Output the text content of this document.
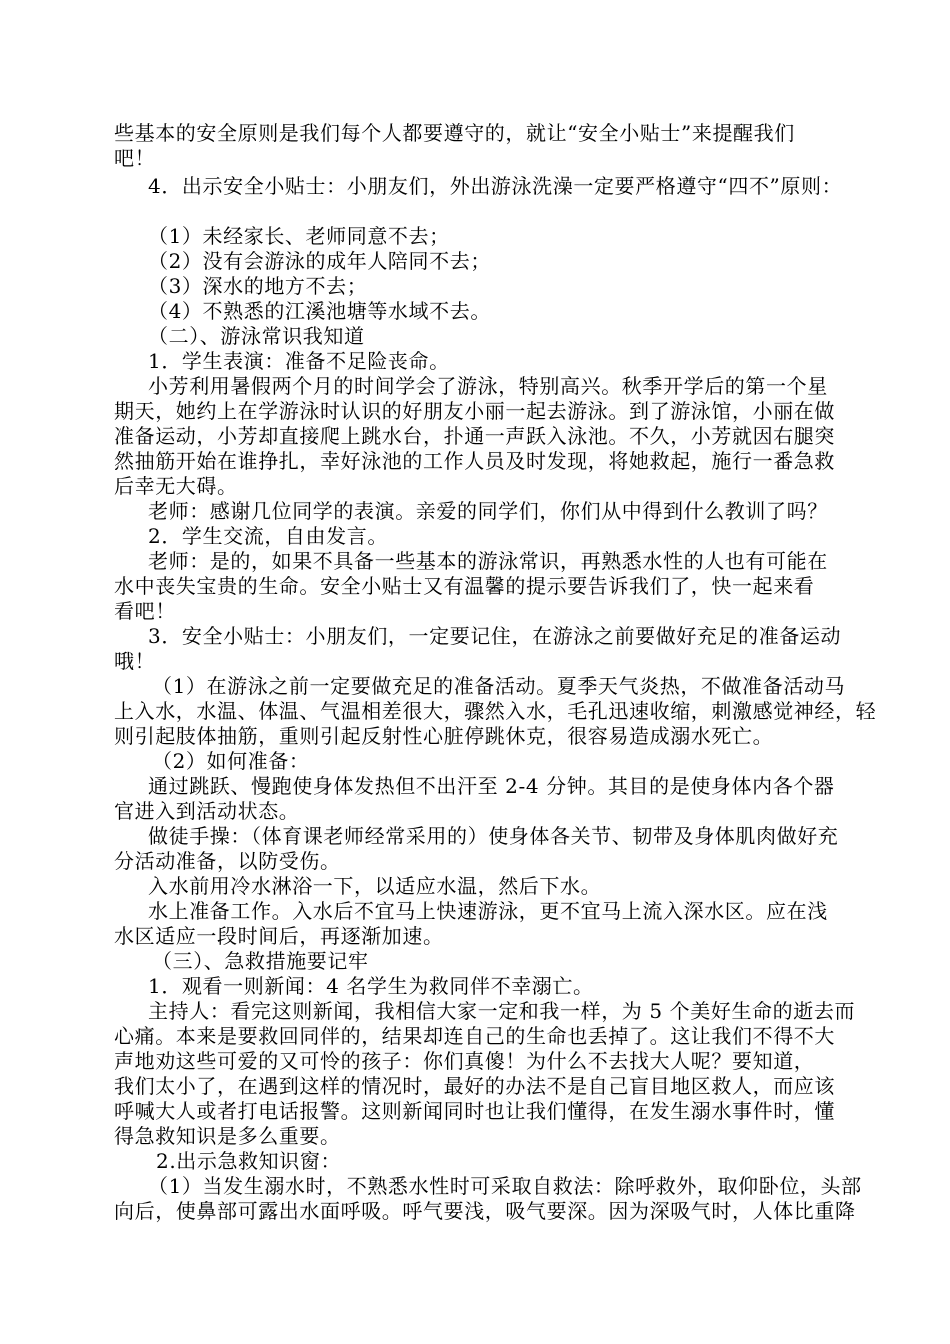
些基本的安全原则是我们每个人都要遵守的，就让“安全小贴士”来提醒我们
吧！
4．出示安全小贴士：小朋友们，外出游泳洗澡一定要严格遵守“四不”原则：
（1）未经家长、老师同意不去；
（2）没有会游泳的成年人陪同不去；
（3）深水的地方不去；
（4）不熟悉的江溪池塘等水域不去。
（二）、游泳常识我知道
1．学生表演：准备不足险丧命。
小芳利用暑假两个月的时间学会了游泳，特别高兴。秋季开学后的第一个星
期天，她约上在学游泳时认识的好朋友小丽一起去游泳。到了游泳馆，小丽在做
准备运动，小芳却直接爬上跳水台，扑通一声跃入泳池。不久，小芳就因右腿突
然抽筋开始在谁挣扎，幸好泳池的工作人员及时发现，将她救起，施行一番急救
后幸无大碍。
老师：感谢几位同学的表演。亲爱的同学们，你们从中得到什么教训了吗？
2．学生交流，自由发言。
老师：是的，如果不具备一些基本的游泳常识，再熟悉水性的人也有可能在
水中丧失宝贵的生命。安全小贴士又有温馨的提示要告诉我们了，快一起来看
看吧！
3．安全小贴士：小朋友们，一定要记住，在游泳之前要做好充足的准备运动
哦！
（1）在游泳之前一定要做充足的准备活动。夏季天气炎热，不做准备活动马
上入水，水温、体温、气温相差很大，骤然入水，毛孔迅速收缩，刺激感觉神经，轻
则引起肢体抽筋，重则引起反射性心脏停跳休克，很容易造成溺水死亡。
（2）如何准备：
通过跳跃、慢跑使身体发热但不出汗至 2-4 分钟。其目的是使身体内各个器
官进入到活动状态。
做徒手操：（体育课老师经常采用的）使身体各关节、韧带及身体肌肉做好充
分活动准备，以防受伤。
入水前用冷水淋浴一下，以适应水温，然后下水。
水上准备工作。入水后不宜马上快速游泳，更不宜马上流入深水区。应在浅
水区适应一段时间后，再逐渐加速。
（三）、急救措施要记牢
1．观看一则新闻：4 名学生为救同伴不幸溺亡。
主持人：看完这则新闻，我相信大家一定和我一样，为 5 个美好生命的逝去而
心痛。本来是要救回同伴的，结果却连自己的生命也丢掉了。这让我们不得不大
声地劝这些可爱的又可怜的孩子：你们真傻！为什么不去找大人呢？要知道，
我们太小了，在遇到这样的情况时，最好的办法不是自己盲目地区救人，而应该
呼喊大人或者打电话报警。这则新闻同时也让我们懂得，在发生溺水事件时，懂
得急救知识是多么重要。
2.出示急救知识窗：
（1）当发生溺水时，不熟悉水性时可采取自救法：除呼救外，取仰卧位，头部
向后，使鼻部可露出水面呼吸。呼气要浅，吸气要深。因为深吸气时，人体比重降
